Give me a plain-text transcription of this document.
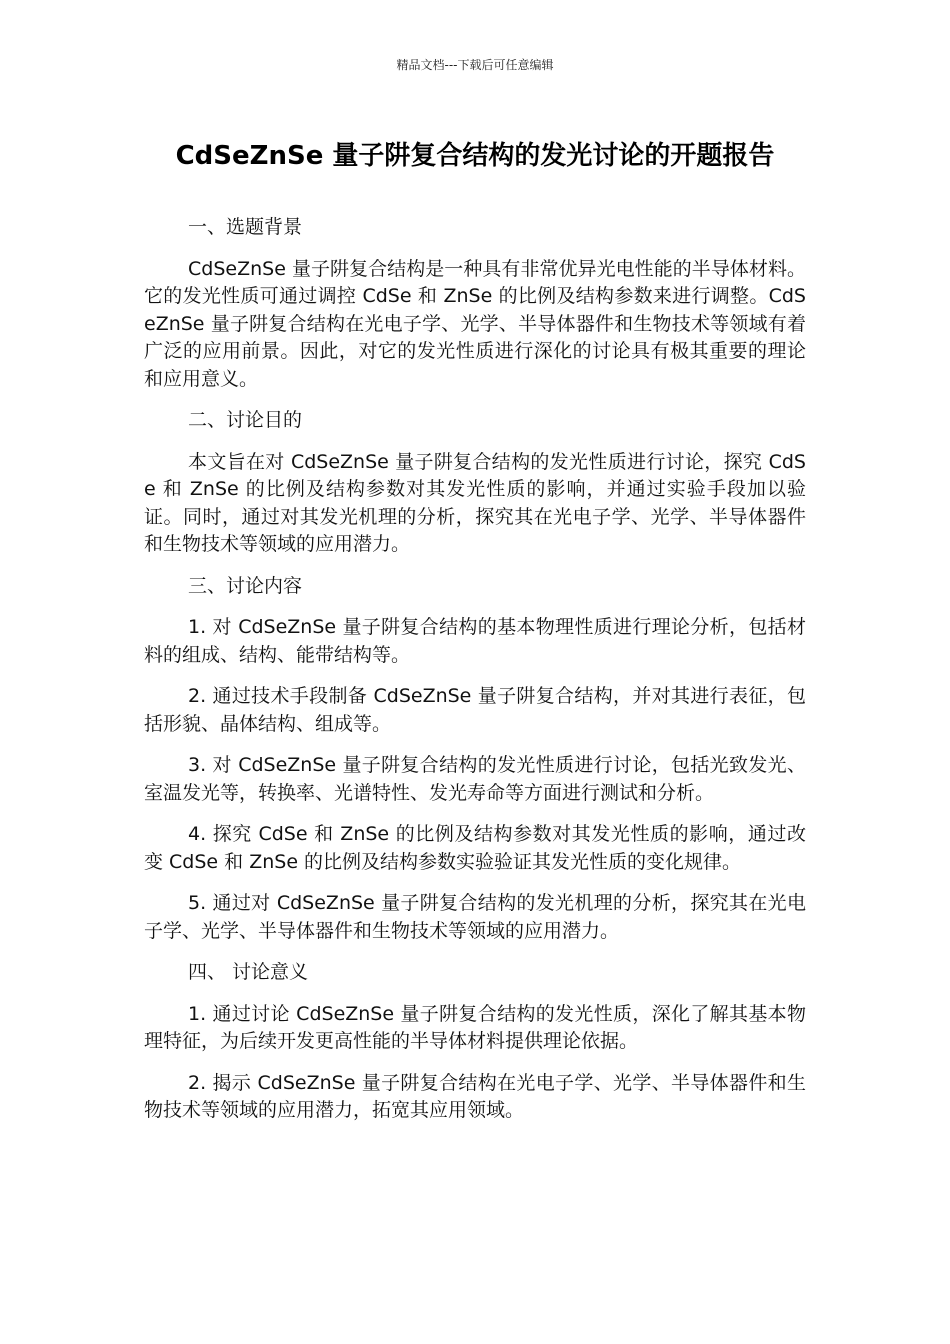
精品文档---下载后可任意编辑
CdSeZnSe 量子阱复合结构的发光讨论的开题报告

一、选题背景

CdSeZnSe 量子阱复合结构是一种具有非常优异光电性能的半导体材料。它的发光性质可通过调控 CdSe 和 ZnSe 的比例及结构参数来进行调整。CdSeZnSe 量子阱复合结构在光电子学、光学、半导体器件和生物技术等领域有着广泛的应用前景。因此，对它的发光性质进行深化的讨论具有极其重要的理论和应用意义。

二、讨论目的

本文旨在对 CdSeZnSe 量子阱复合结构的发光性质进行讨论，探究 CdSe 和 ZnSe 的比例及结构参数对其发光性质的影响，并通过实验手段加以验证。同时，通过对其发光机理的分析，探究其在光电子学、光学、半导体器件和生物技术等领域的应用潜力。

三、讨论内容

1. 对 CdSeZnSe 量子阱复合结构的基本物理性质进行理论分析，包括材料的组成、结构、能带结构等。

2. 通过技术手段制备 CdSeZnSe 量子阱复合结构，并对其进行表征，包括形貌、晶体结构、组成等。

3. 对 CdSeZnSe 量子阱复合结构的发光性质进行讨论，包括光致发光、室温发光等，转换率、光谱特性、发光寿命等方面进行测试和分析。

4. 探究 CdSe 和 ZnSe 的比例及结构参数对其发光性质的影响，通过改变 CdSe 和 ZnSe 的比例及结构参数实验验证其发光性质的变化规律。

5. 通过对 CdSeZnSe 量子阱复合结构的发光机理的分析，探究其在光电子学、光学、半导体器件和生物技术等领域的应用潜力。

四、 讨论意义

1. 通过讨论 CdSeZnSe 量子阱复合结构的发光性质，深化了解其基本物理特征，为后续开发更高性能的半导体材料提供理论依据。

2. 揭示 CdSeZnSe 量子阱复合结构在光电子学、光学、半导体器件和生物技术等领域的应用潜力，拓宽其应用领域。
